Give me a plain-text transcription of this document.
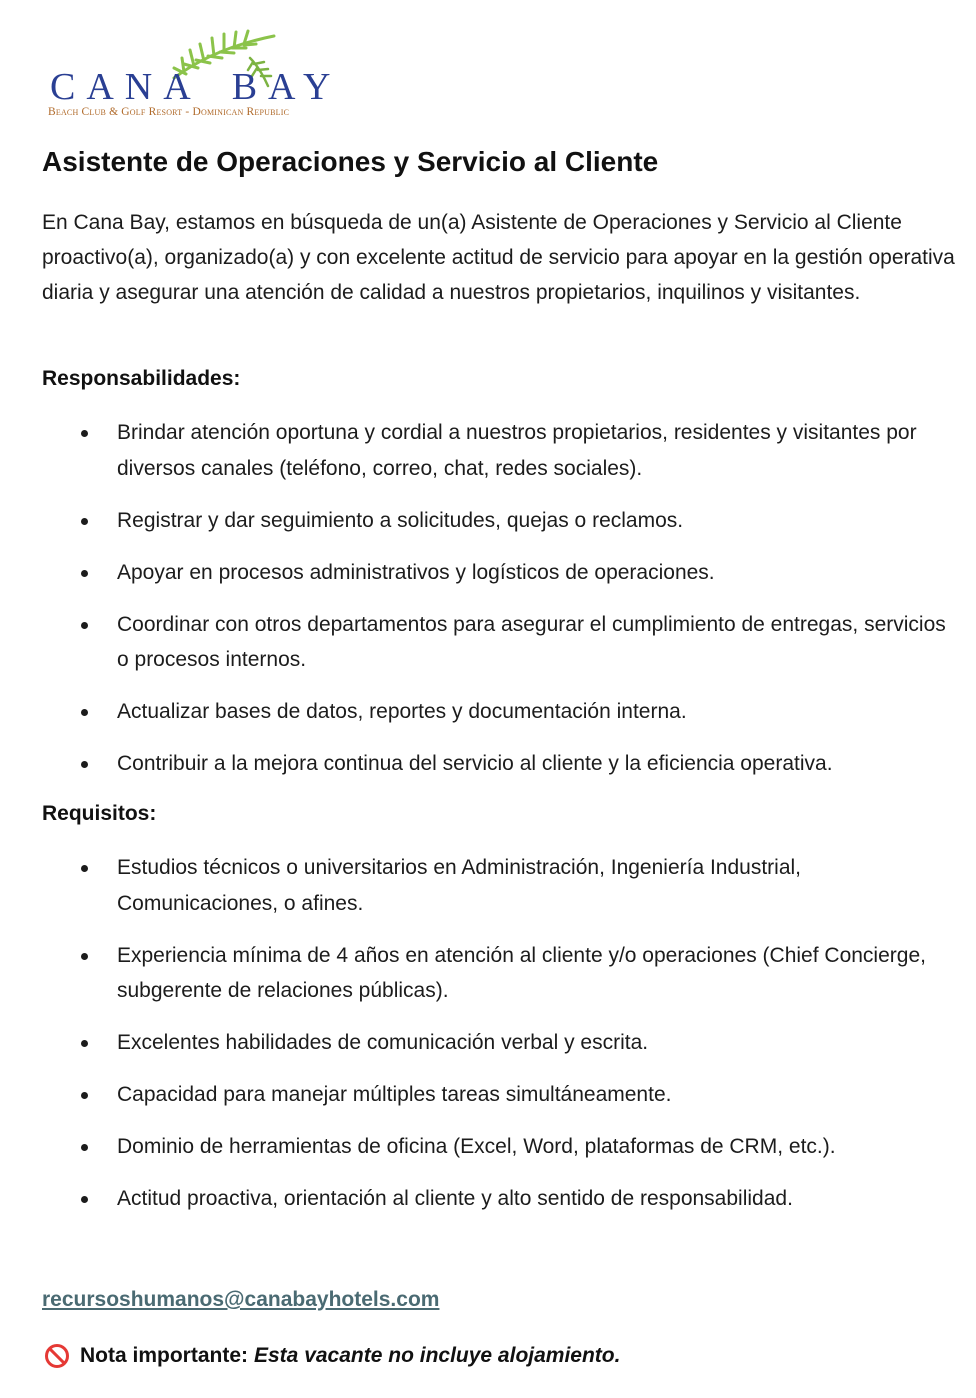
CANA BAY
Beach Club & Golf Resort - Dominican Republic
Asistente de Operaciones y Servicio al Cliente

En Cana Bay, estamos en búsqueda de un(a) Asistente de Operaciones y Servicio al Cliente proactivo(a), organizado(a) y con excelente actitud de servicio para apoyar en la gestión operativa diaria y asegurar una atención de calidad a nuestros propietarios, inquilinos y visitantes.

Responsabilidades:
Brindar atención oportuna y cordial a nuestros propietarios, residentes y visitantes por diversos canales (teléfono, correo, chat, redes sociales).
Registrar y dar seguimiento a solicitudes, quejas o reclamos.
Apoyar en procesos administrativos y logísticos de operaciones.
Coordinar con otros departamentos para asegurar el cumplimiento de entregas, servicios o procesos internos.
Actualizar bases de datos, reportes y documentación interna.
Contribuir a la mejora continua del servicio al cliente y la eficiencia operativa.
Requisitos:
Estudios técnicos o universitarios en Administración, Ingeniería Industrial, Comunicaciones, o afines.
Experiencia mínima de 4 años en atención al cliente y/o operaciones (Chief Concierge, subgerente de relaciones públicas).
Excelentes habilidades de comunicación verbal y escrita.
Capacidad para manejar múltiples tareas simultáneamente.
Dominio de herramientas de oficina (Excel, Word, plataformas de CRM, etc.).
Actitud proactiva, orientación al cliente y alto sentido de responsabilidad.
recursoshumanos@canabayhotels.com
Nota importante: Esta vacante no incluye alojamiento.
